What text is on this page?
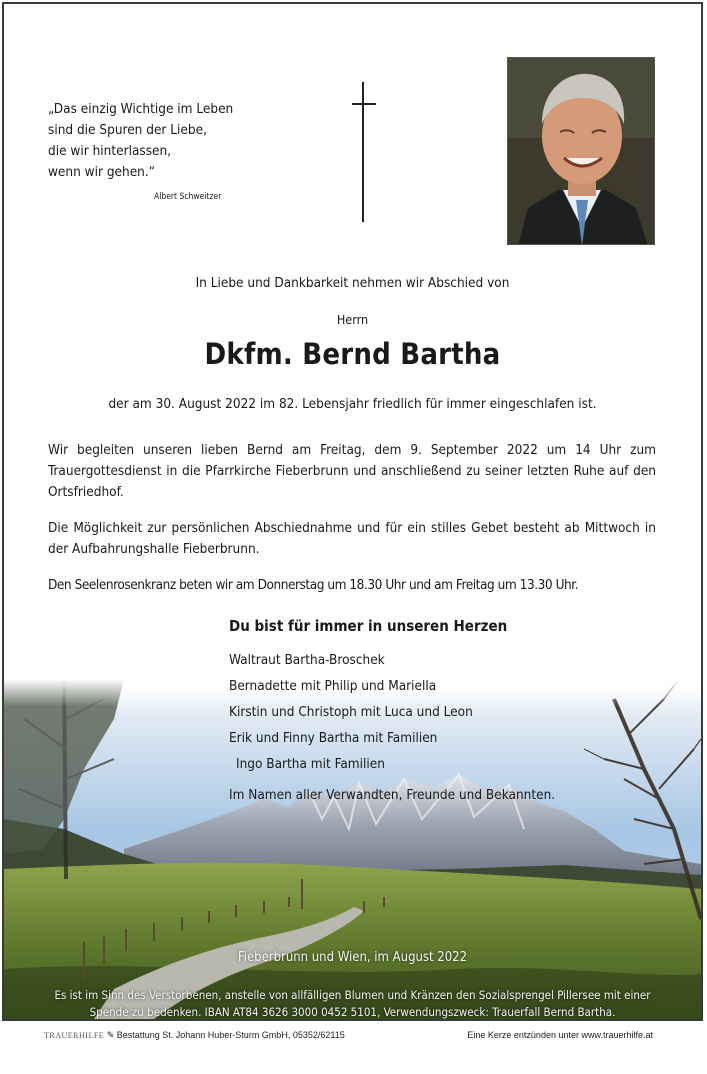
„Das einzig Wichtige im Leben

sind die Spuren der Liebe,

die wir hinterlassen,

wenn wir gehen.“

Albert Schweitzer
In Liebe und Dankbarkeit nehmen wir Abschied von
Herrn
Dkfm. Bernd Bartha
der am 30. August 2022 im 82. Lebensjahr friedlich für immer eingeschlafen ist.
Wir begleiten unseren lieben Bernd am Freitag, dem 9. September 2022 um 14 Uhr zum Trauergottesdienst in die Pfarrkirche Fieberbrunn und anschließend zu seiner letzten Ruhe auf den Ortsfriedhof.
Die Möglichkeit zur persönlichen Abschiednahme und für ein stilles Gebet besteht ab Mittwoch in der Aufbahrungshalle Fieberbrunn.
Den Seelenrosenkranz beten wir am Donnerstag um 18.30 Uhr und am Freitag um 13.30 Uhr.
Du bist für immer in unseren Herzen
Waltraut Bartha-Broschek
Bernadette mit Philip und Mariella
Kirstin und Christoph mit Luca und Leon
Erik und Finny Bartha mit Familien
Ingo Bartha mit Familien
Im Namen aller Verwandten, Freunde und Bekannten.
Fieberbrunn und Wien, im August 2022
Es ist im Sinn des Verstorbenen, anstelle von allfälligen Blumen und Kränzen den Sozialsprengel Pillersee mit einer Spende zu bedenken. IBAN AT84 3626 3000 0452 5101, Verwendungszweck: Trauerfall Bernd Bartha.
TRAUERHILFE ✎ Bestattung St. Johann Huber-Sturm GmbH, 05352/62115	Eine Kerze entzünden unter www.trauerhilfe.at
